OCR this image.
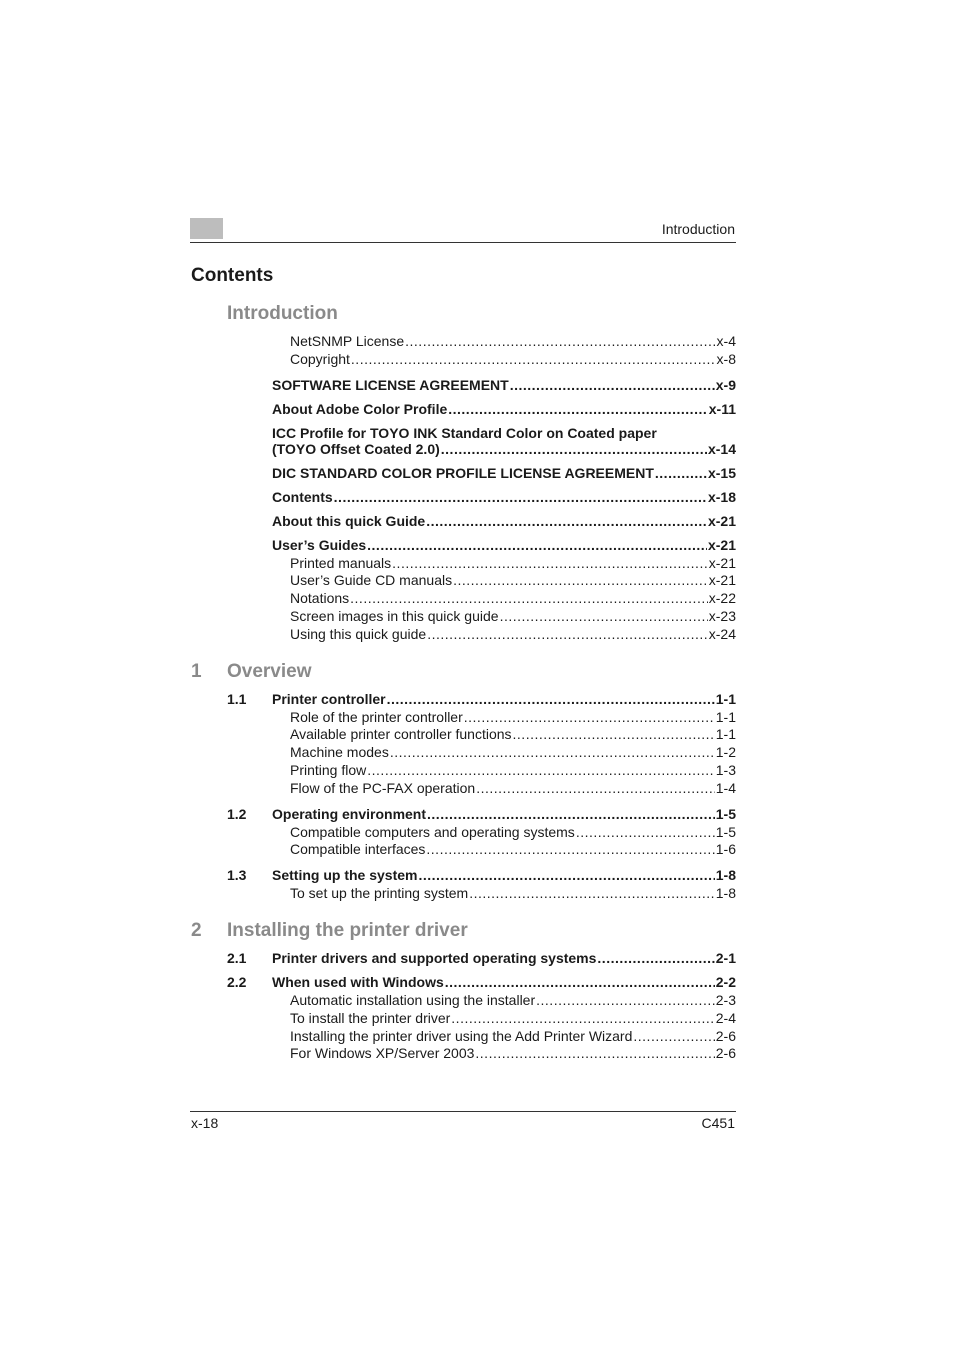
Introduction
Contents
Introduction
NetSNMP License .....	x-4
Copyright .....	x-8
SOFTWARE LICENSE AGREEMENT .....	x-9
About Adobe Color Profile .....	x-11
ICC Profile for TOYO INK Standard Color on Coated paper
(TOYO Offset Coated 2.0) .....	x-14
DIC STANDARD COLOR PROFILE LICENSE AGREEMENT .....	x-15
Contents .....	x-18
About this quick Guide .....	x-21
User’s Guides .....	x-21
Printed manuals .....	x-21
User’s Guide CD manuals .....	x-21
Notations .....	x-22
Screen images in this quick guide .....	x-23
Using this quick guide .....	x-24
1 Overview
1.1 Printer controller .....	1-1
Role of the printer controller .....	1-1
Available printer controller functions .....	1-1
Machine modes .....	1-2
Printing flow .....	1-3
Flow of the PC-FAX operation .....	1-4
1.2 Operating environment .....	1-5
Compatible computers and operating systems .....	1-5
Compatible interfaces .....	1-6
1.3 Setting up the system .....	1-8
To set up the printing system .....	1-8
2 Installing the printer driver
2.1 Printer drivers and supported operating systems .....	2-1
2.2 When used with Windows .....	2-2
Automatic installation using the installer .....	2-3
To install the printer driver .....	2-4
Installing the printer driver using the Add Printer Wizard .....	2-6
For Windows XP/Server 2003 .....	2-6
x-18	C451
